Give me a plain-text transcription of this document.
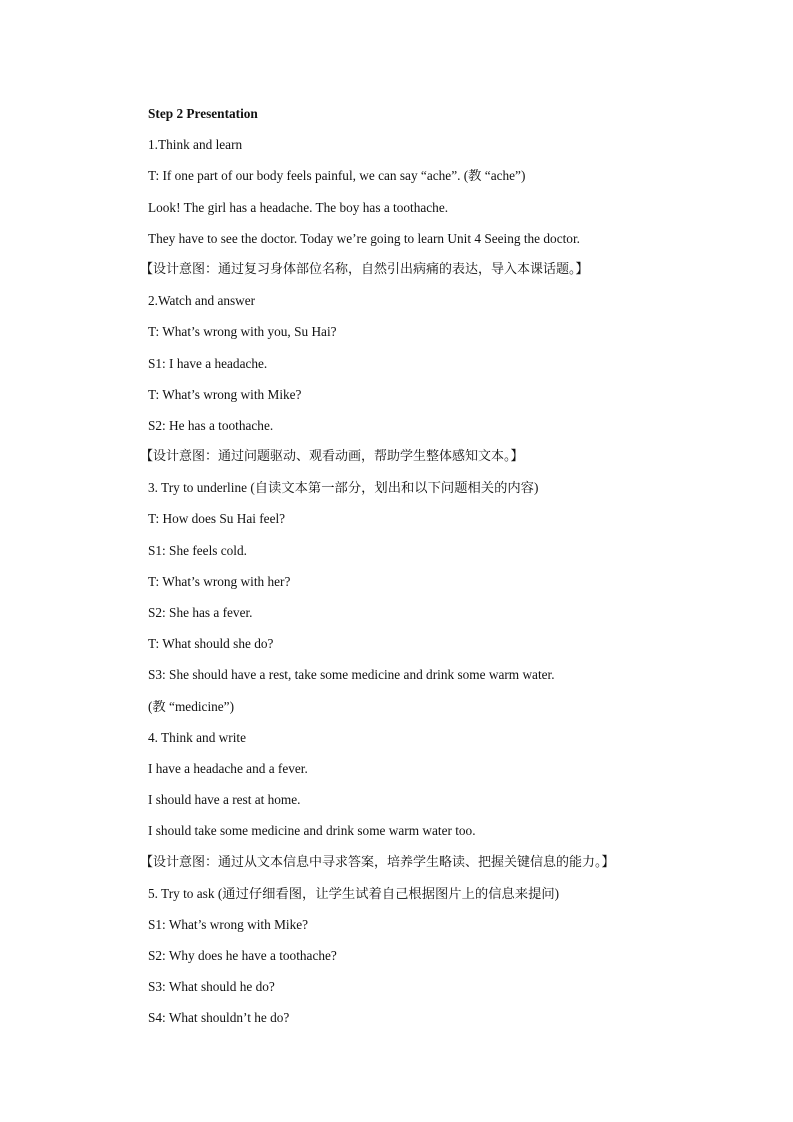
Step 2 Presentation
1.Think and learn
T: If one part of our body feels painful, we can say “ache”. (教 “ache”)
Look! The girl has a headache. The boy has a toothache.
They have to see the doctor. Today we’re going to learn Unit 4 Seeing the doctor.
【设计意图：通过复习身体部位名称，自然引出病痛的表达，导入本课话题。】
2.Watch and answer
T: What’s wrong with you, Su Hai?
S1: I have a headache.
T: What’s wrong with Mike?
S2: He has a toothache.
【设计意图：通过问题驱动、观看动画，帮助学生整体感知文本。】
3. Try to underline (自读文本第一部分，划出和以下问题相关的内容)
T: How does Su Hai feel?
S1: She feels cold.
T: What’s wrong with her?
S2: She has a fever.
T: What should she do?
S3: She should have a rest, take some medicine and drink some warm water.
(教 “medicine”)
4. Think and write
I have a headache and a fever.
I should have a rest at home.
I should take some medicine and drink some warm water too.
【设计意图：通过从文本信息中寻求答案，培养学生略读、把握关键信息的能力。】
5. Try to ask (通过仔细看图，让学生试着自己根据图片上的信息来提问)
S1: What’s wrong with Mike?
S2: Why does he have a toothache?
S3: What should he do?
S4: What shouldn’t he do?
